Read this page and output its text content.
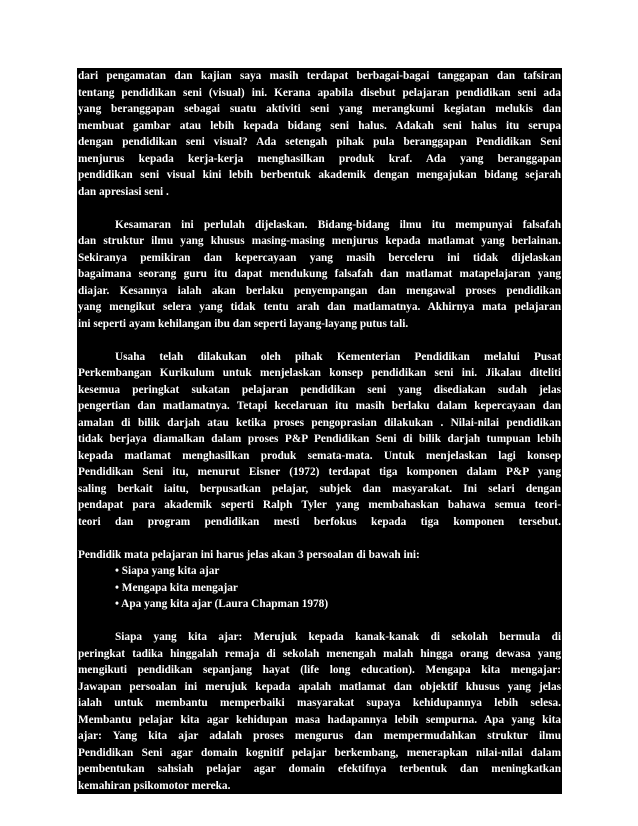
dari pengamatan dan kajian saya masih terdapat berbagai-bagai tanggapan dan tafsiran
tentang pendidikan seni (visual) ini. Kerana apabila disebut pelajaran pendidikan seni ada
yang beranggapan sebagai suatu aktiviti seni yang merangkumi kegiatan melukis dan
membuat gambar atau lebih kepada bidang seni halus. Adakah seni halus itu serupa
dengan pendidikan seni visual? Ada setengah pihak pula beranggapan Pendidikan Seni
menjurus kepada kerja-kerja menghasilkan produk kraf. Ada yang beranggapan
pendidikan seni visual kini lebih berbentuk akademik dengan mengajukan bidang sejarah
dan apresiasi seni .
Kesamaran ini perlulah dijelaskan. Bidang-bidang ilmu itu mempunyai falsafah
dan struktur ilmu yang khusus masing-masing menjurus kepada matlamat yang berlainan.
Sekiranya pemikiran dan kepercayaan yang masih berceleru ini tidak dijelaskan
bagaimana seorang guru itu dapat mendukung falsafah dan matlamat matapelajaran yang
diajar. Kesannya ialah akan berlaku penyempangan dan mengawal proses pendidikan
yang mengikut selera yang tidak tentu arah dan matlamatnya. Akhirnya mata pelajaran
ini seperti ayam kehilangan ibu dan seperti layang-layang putus tali.
Usaha telah dilakukan oleh pihak Kementerian Pendidikan melalui Pusat
Perkembangan Kurikulum untuk menjelaskan konsep pendidikan seni ini. Jikalau diteliti
kesemua peringkat sukatan pelajaran pendidikan seni yang disediakan sudah jelas
pengertian dan matlamatnya. Tetapi kecelaruan itu masih berlaku dalam kepercayaan dan
amalan di bilik darjah atau ketika proses pengoprasian dilakukan . Nilai-nilai pendidikan
tidak berjaya diamalkan dalam proses P&P Pendidikan Seni di bilik darjah tumpuan lebih
kepada matlamat menghasilkan produk semata-mata. Untuk menjelaskan lagi konsep
Pendidikan Seni itu, menurut Eisner (1972) terdapat tiga komponen dalam P&P yang
saling berkait iaitu, berpusatkan pelajar, subjek dan masyarakat. Ini selari dengan
pendapat para akademik seperti Ralph Tyler yang membahaskan bahawa semua teori-
teori dan program pendidikan mesti berfokus kepada tiga komponen tersebut.
Pendidik mata pelajaran ini harus jelas akan 3 persoalan di bawah ini:
• Siapa yang kita ajar
• Mengapa kita mengajar
• Apa yang kita ajar (Laura Chapman 1978)
Siapa yang kita ajar: Merujuk kepada kanak-kanak di sekolah bermula di
peringkat tadika hinggalah remaja di sekolah menengah malah hingga orang dewasa yang
mengikuti pendidikan sepanjang hayat (life long education). Mengapa kita mengajar:
Jawapan persoalan ini merujuk kepada apalah matlamat dan objektif khusus yang jelas
ialah untuk membantu memperbaiki masyarakat supaya kehidupannya lebih selesa.
Membantu pelajar kita agar kehidupan masa hadapannya lebih sempurna. Apa yang kita
ajar: Yang kita ajar adalah proses mengurus dan mempermudahkan struktur ilmu
Pendidikan Seni agar domain kognitif pelajar berkembang, menerapkan nilai-nilai dalam
pembentukan sahsiah pelajar agar domain efektifnya terbentuk dan meningkatkan
kemahiran psikomotor mereka.
